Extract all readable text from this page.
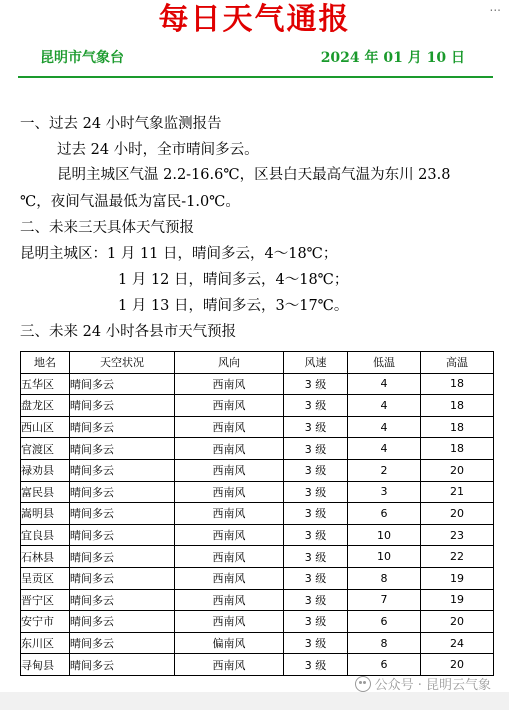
...
每日天气通报
昆明市气象台	2024 年 01 月 10 日
一、过去 24 小时气象监测报告
过去 24 小时，全市晴间多云。
昆明主城区气温 2.2-16.6℃，区县白天最高气温为东川 23.8
℃，夜间气温最低为富民-1.0℃。
二、未来三天具体天气预报
昆明主城区：1 月 11 日，晴间多云，4～18℃；
1 月 12 日，晴间多云，4～18℃；
1 月 13 日，晴间多云，3～17℃。
三、未来 24 小时各县市天气预报
地名	天空状况	风向	风速	低温	高温
五华区	晴间多云	西南风	3 级	4	18
盘龙区	晴间多云	西南风	3 级	4	18
西山区	晴间多云	西南风	3 级	4	18
官渡区	晴间多云	西南风	3 级	4	18
禄劝县	晴间多云	西南风	3 级	2	20
富民县	晴间多云	西南风	3 级	3	21
嵩明县	晴间多云	西南风	3 级	6	20
宜良县	晴间多云	西南风	3 级	10	23
石林县	晴间多云	西南风	3 级	10	22
呈贡区	晴间多云	西南风	3 级	8	19
晋宁区	晴间多云	西南风	3 级	7	19
安宁市	晴间多云	西南风	3 级	6	20
东川区	晴间多云	偏南风	3 级	8	24
寻甸县	晴间多云	西南风	3 级	6	20
公众号 · 昆明云气象
